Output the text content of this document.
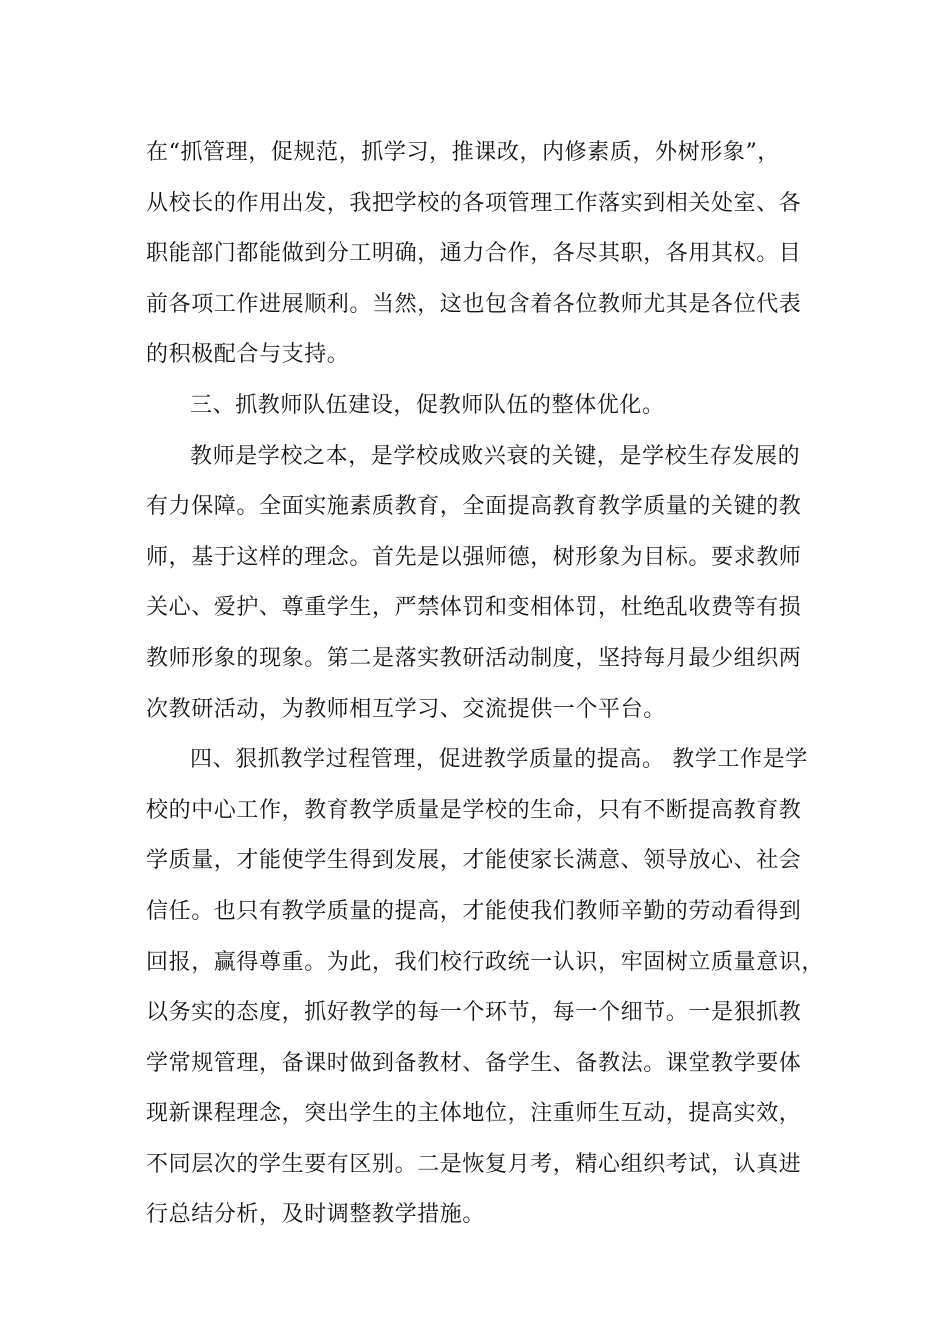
在“抓管理，促规范，抓学习，推课改，内修素质，外树形象”，
从校长的作用出发，我把学校的各项管理工作落实到相关处室、各
职能部门都能做到分工明确，通力合作，各尽其职，各用其权。目
前各项工作进展顺利。当然，这也包含着各位教师尤其是各位代表
的积极配合与支持。
三、抓教师队伍建设，促教师队伍的整体优化。
教师是学校之本，是学校成败兴衰的关键，是学校生存发展的
有力保障。全面实施素质教育，全面提高教育教学质量的关键的教
师，基于这样的理念。首先是以强师德，树形象为目标。要求教师
关心、爱护、尊重学生，严禁体罚和变相体罚，杜绝乱收费等有损
教师形象的现象。第二是落实教研活动制度，坚持每月最少组织两
次教研活动，为教师相互学习、交流提供一个平台。
四、狠抓教学过程管理，促进教学质量的提高。 教学工作是学
校的中心工作，教育教学质量是学校的生命，只有不断提高教育教
学质量，才能使学生得到发展，才能使家长满意、领导放心、社会
信任。也只有教学质量的提高，才能使我们教师辛勤的劳动看得到
回报，赢得尊重。为此，我们校行政统一认识，牢固树立质量意识，
以务实的态度，抓好教学的每一个环节，每一个细节。一是狠抓教
学常规管理，备课时做到备教材、备学生、备教法。课堂教学要体
现新课程理念，突出学生的主体地位，注重师生互动，提高实效，
不同层次的学生要有区别。二是恢复月考，精心组织考试，认真进
行总结分析，及时调整教学措施。
